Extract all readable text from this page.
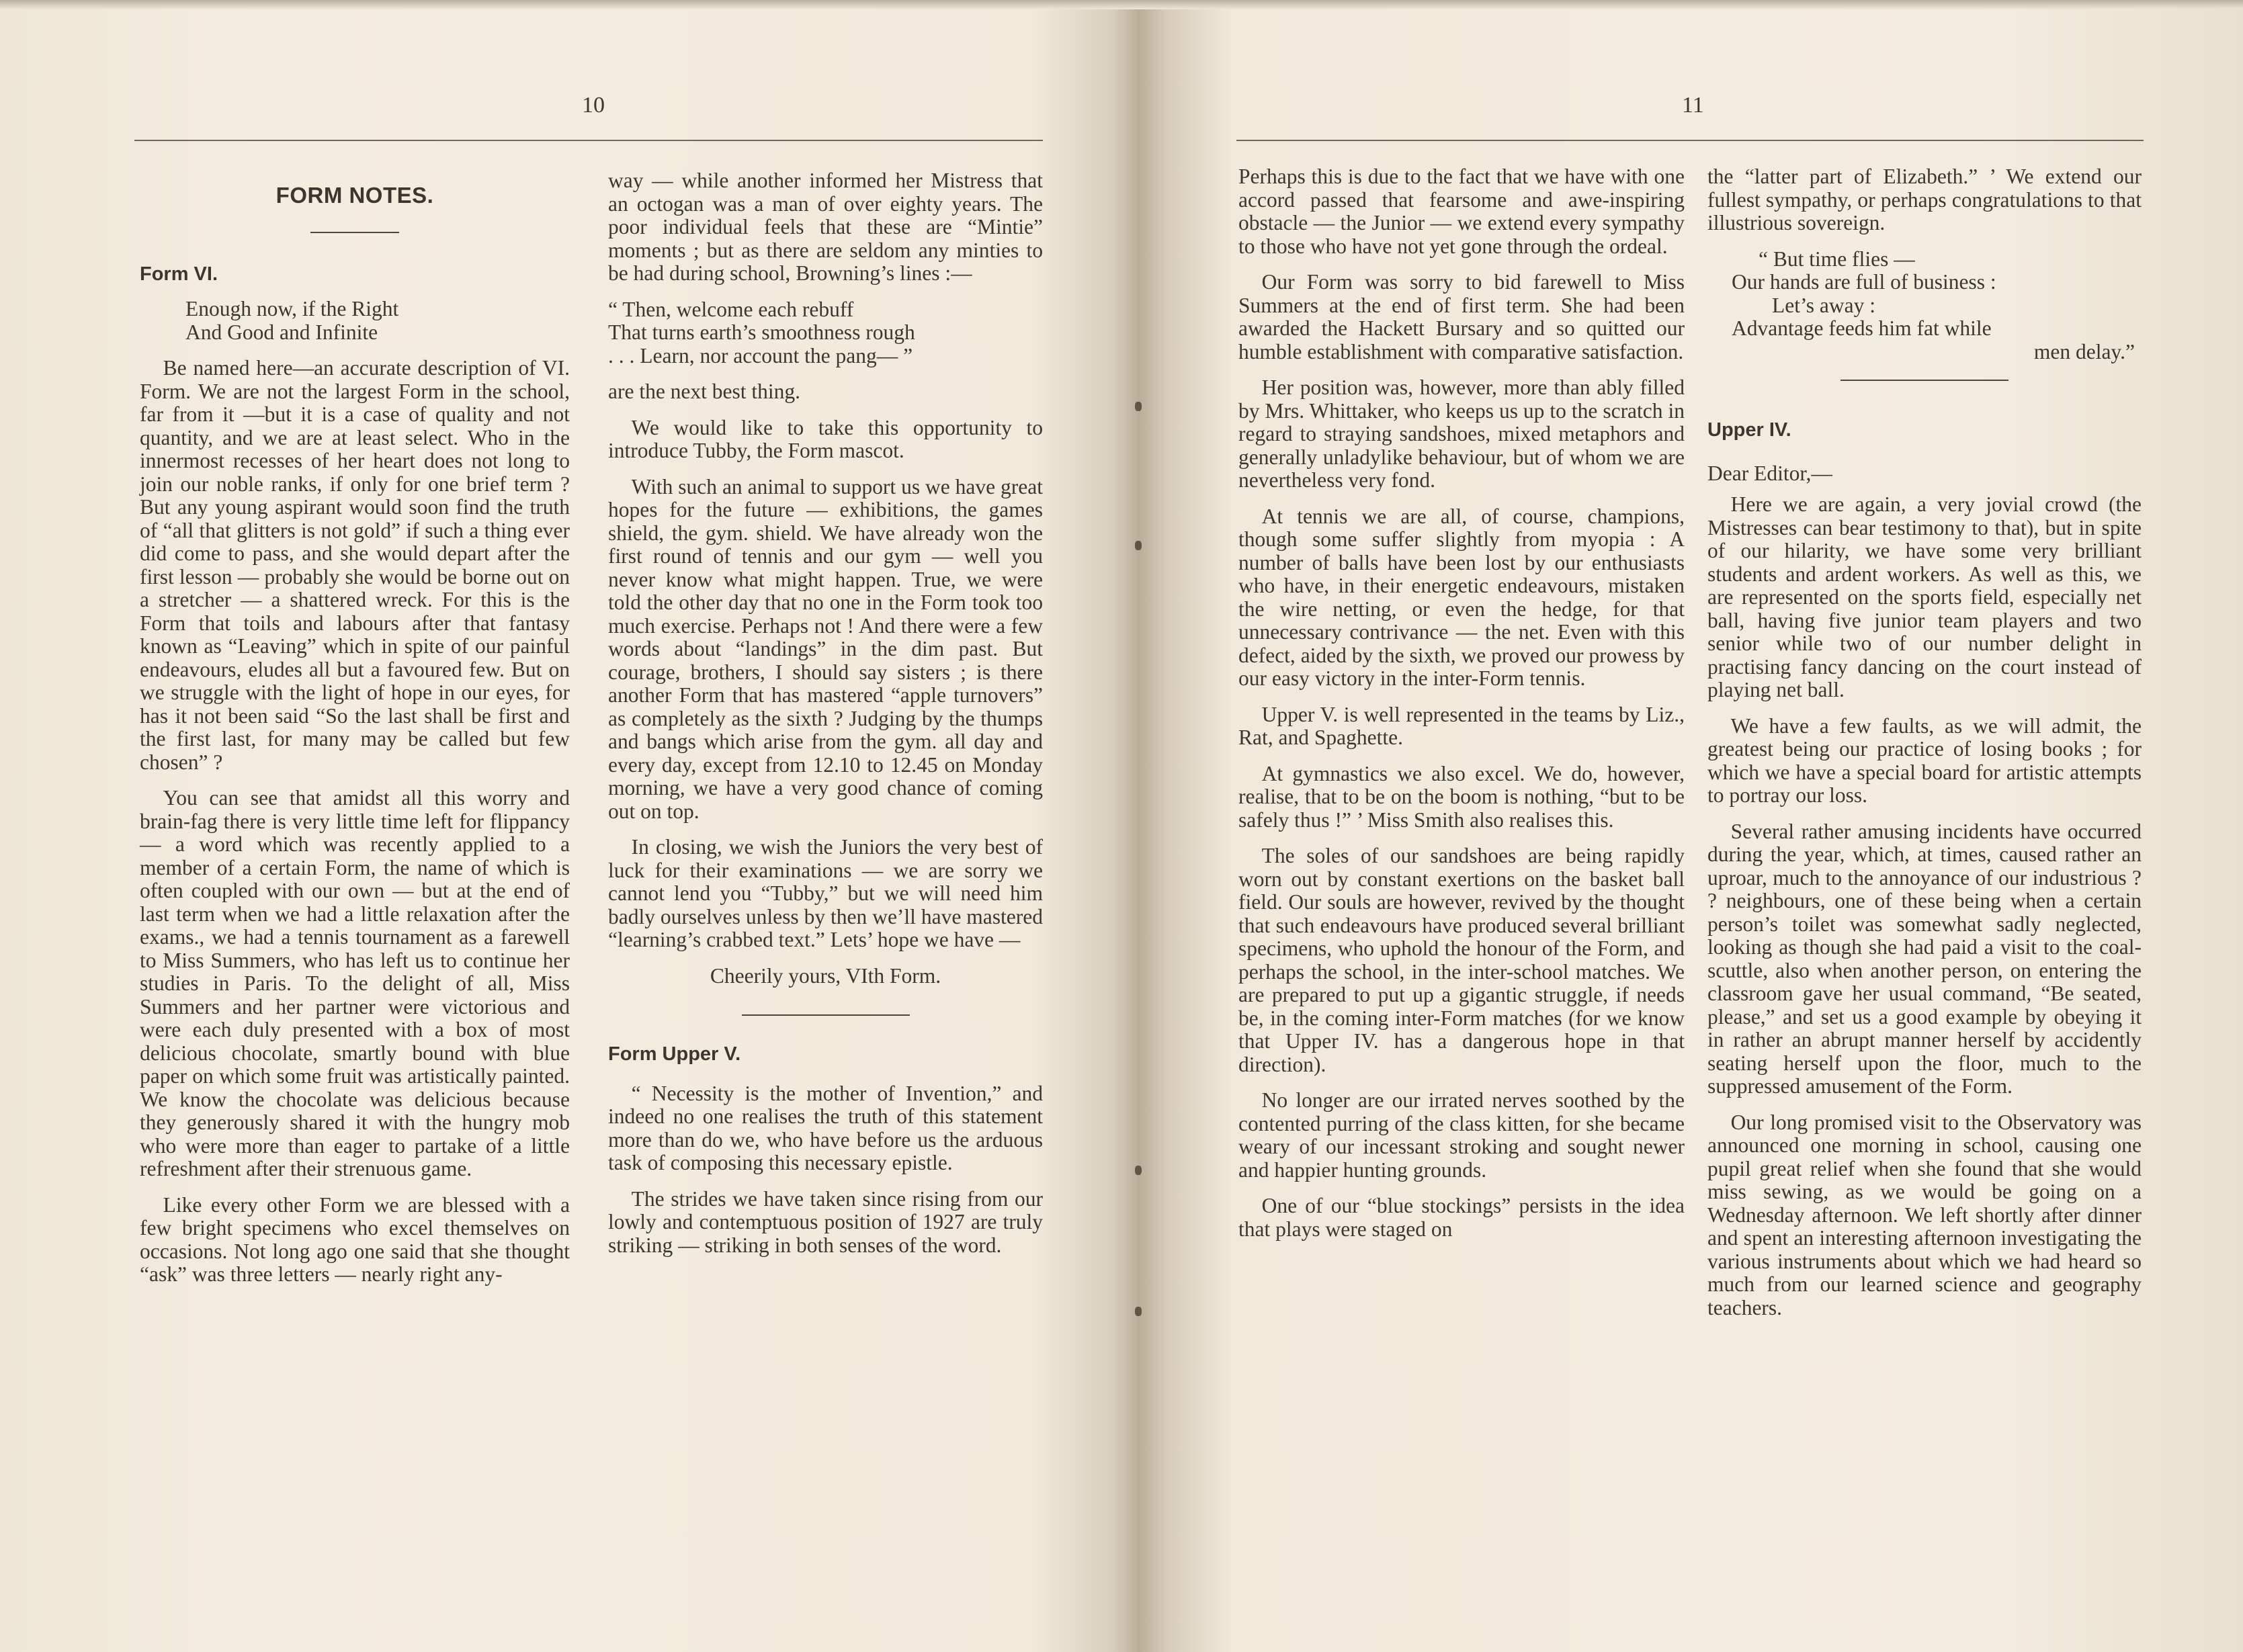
10
FORM NOTES.
Form VI.
Enough now, if the Right
And Good and Infinite

Be named here—an accurate description of VI. Form. We are not the largest Form in the school, far from it —but it is a case of quality and not quantity, and we are at least select. Who in the innermost recesses of her heart does not long to join our noble ranks, if only for one brief term ? But any young aspirant would soon find the truth of “all that glitters is not gold” if such a thing ever did come to pass, and she would depart after the first lesson — probably she would be borne out on a stretcher — a shattered wreck. For this is the Form that toils and labours after that fantasy known as “Leaving” which in spite of our painful endeavours, eludes all but a favoured few. But on we struggle with the light of hope in our eyes, for has it not been said “So the last shall be first and the first last, for many may be called but few chosen” ?

You can see that amidst all this worry and brain-fag there is very little time left for flippancy — a word which was recently applied to a member of a certain Form, the name of which is often coupled with our own — but at the end of last term when we had a little relaxation after the exams., we had a tennis tournament as a farewell to Miss Summers, who has left us to continue her studies in Paris. To the delight of all, Miss Summers and her partner were victorious and were each duly presented with a box of most delicious chocolate, smartly bound with blue paper on which some fruit was artistically painted. We know the chocolate was delicious because they generously shared it with the hungry mob who were more than eager to partake of a little refreshment after their strenuous game.

Like every other Form we are blessed with a few bright specimens who excel themselves on occasions. Not long ago one said that she thought “ask” was three letters — nearly right any-

way — while another informed her Mistress that an octogan was a man of over eighty years. The poor individual feels that these are “Mintie” moments ; but as there are seldom any minties to be had during school, Browning’s lines :—

“ Then, welcome each rebuff
That turns earth’s smoothness rough
. . . Learn, nor account the pang— ”

are the next best thing.

We would like to take this opportunity to introduce Tubby, the Form mascot.

With such an animal to support us we have great hopes for the future — exhibitions, the games shield, the gym. shield. We have already won the first round of tennis and our gym — well you never know what might happen. True, we were told the other day that no one in the Form took too much exercise. Perhaps not ! And there were a few words about “landings” in the dim past. But courage, brothers, I should say sisters ; is there another Form that has mastered “apple turnovers” as completely as the sixth ? Judging by the thumps and bangs which arise from the gym. all day and every day, except from 12.10 to 12.45 on Monday morning, we have a very good chance of coming out on top.

In closing, we wish the Juniors the very best of luck for their examinations — we are sorry we cannot lend you “Tubby,” but we will need him badly ourselves unless by then we’ll have mastered “learning’s crabbed text.” Lets’ hope we have —

Cheerily yours, VIth Form.
Form Upper V.

“ Necessity is the mother of Invention,” and indeed no one realises the truth of this statement more than do we, who have before us the arduous task of composing this necessary epistle.

The strides we have taken since rising from our lowly and contemptuous position of 1927 are truly striking — striking in both senses of the word.

11

Perhaps this is due to the fact that we have with one accord passed that fearsome and awe-inspiring obstacle — the Junior — we extend every sympathy to those who have not yet gone through the ordeal.

Our Form was sorry to bid farewell to Miss Summers at the end of first term. She had been awarded the Hackett Bursary and so quitted our humble establishment with comparative satisfaction.

Her position was, however, more than ably filled by Mrs. Whittaker, who keeps us up to the scratch in regard to straying sandshoes, mixed metaphors and generally unladylike behaviour, but of whom we are nevertheless very fond.

At tennis we are all, of course, champions, though some suffer slightly from myopia : A number of balls have been lost by our enthusiasts who have, in their energetic endeavours, mistaken the wire netting, or even the hedge, for that unnecessary contrivance — the net. Even with this defect, aided by the sixth, we proved our prowess by our easy victory in the inter-Form tennis.

Upper V. is well represented in the teams by Liz., Rat, and Spaghette.

At gymnastics we also excel. We do, however, realise, that to be on the boom is nothing, “but to be safely thus !” ’ Miss Smith also realises this.

The soles of our sandshoes are being rapidly worn out by constant exertions on the basket ball field. Our souls are however, revived by the thought that such endeavours have produced several brilliant specimens, who uphold the honour of the Form, and perhaps the school, in the inter-school matches. We are prepared to put up a gigantic struggle, if needs be, in the coming inter-Form matches (for we know that Upper IV. has a dangerous hope in that direction).

No longer are our irrated nerves soothed by the contented purring of the class kitten, for she became weary of our incessant stroking and sought newer and happier hunting grounds.

One of our “blue stockings” persists in the idea that plays were staged on

the “latter part of Elizabeth.” ’ We extend our fullest sympathy, or perhaps congratulations to that illustrious sovereign.

“ But time flies —
Our hands are full of business :
Let’s away :
Advantage feeds him fat while
men delay.”
Upper IV.

Dear Editor,—

Here we are again, a very jovial crowd (the Mistresses can bear testimony to that), but in spite of our hilarity, we have some very brilliant students and ardent workers. As well as this, we are represented on the sports field, especially net ball, having five junior team players and two senior while two of our number delight in practising fancy dancing on the court instead of playing net ball.

We have a few faults, as we will admit, the greatest being our practice of losing books ; for which we have a special board for artistic attempts to portray our loss.

Several rather amusing incidents have occurred during the year, which, at times, caused rather an uproar, much to the annoyance of our industrious ? ? neighbours, one of these being when a certain person’s toilet was somewhat sadly neglected, looking as though she had paid a visit to the coal-scuttle, also when another person, on entering the classroom gave her usual command, “Be seated, please,” and set us a good example by obeying it in rather an abrupt manner herself by accidently seating herself upon the floor, much to the suppressed amusement of the Form.

Our long promised visit to the Observatory was announced one morning in school, causing one pupil great relief when she found that she would miss sewing, as we would be going on a Wednesday afternoon. We left shortly after dinner and spent an interesting afternoon investigating the various instruments about which we had heard so much from our learned science and geography teachers.
